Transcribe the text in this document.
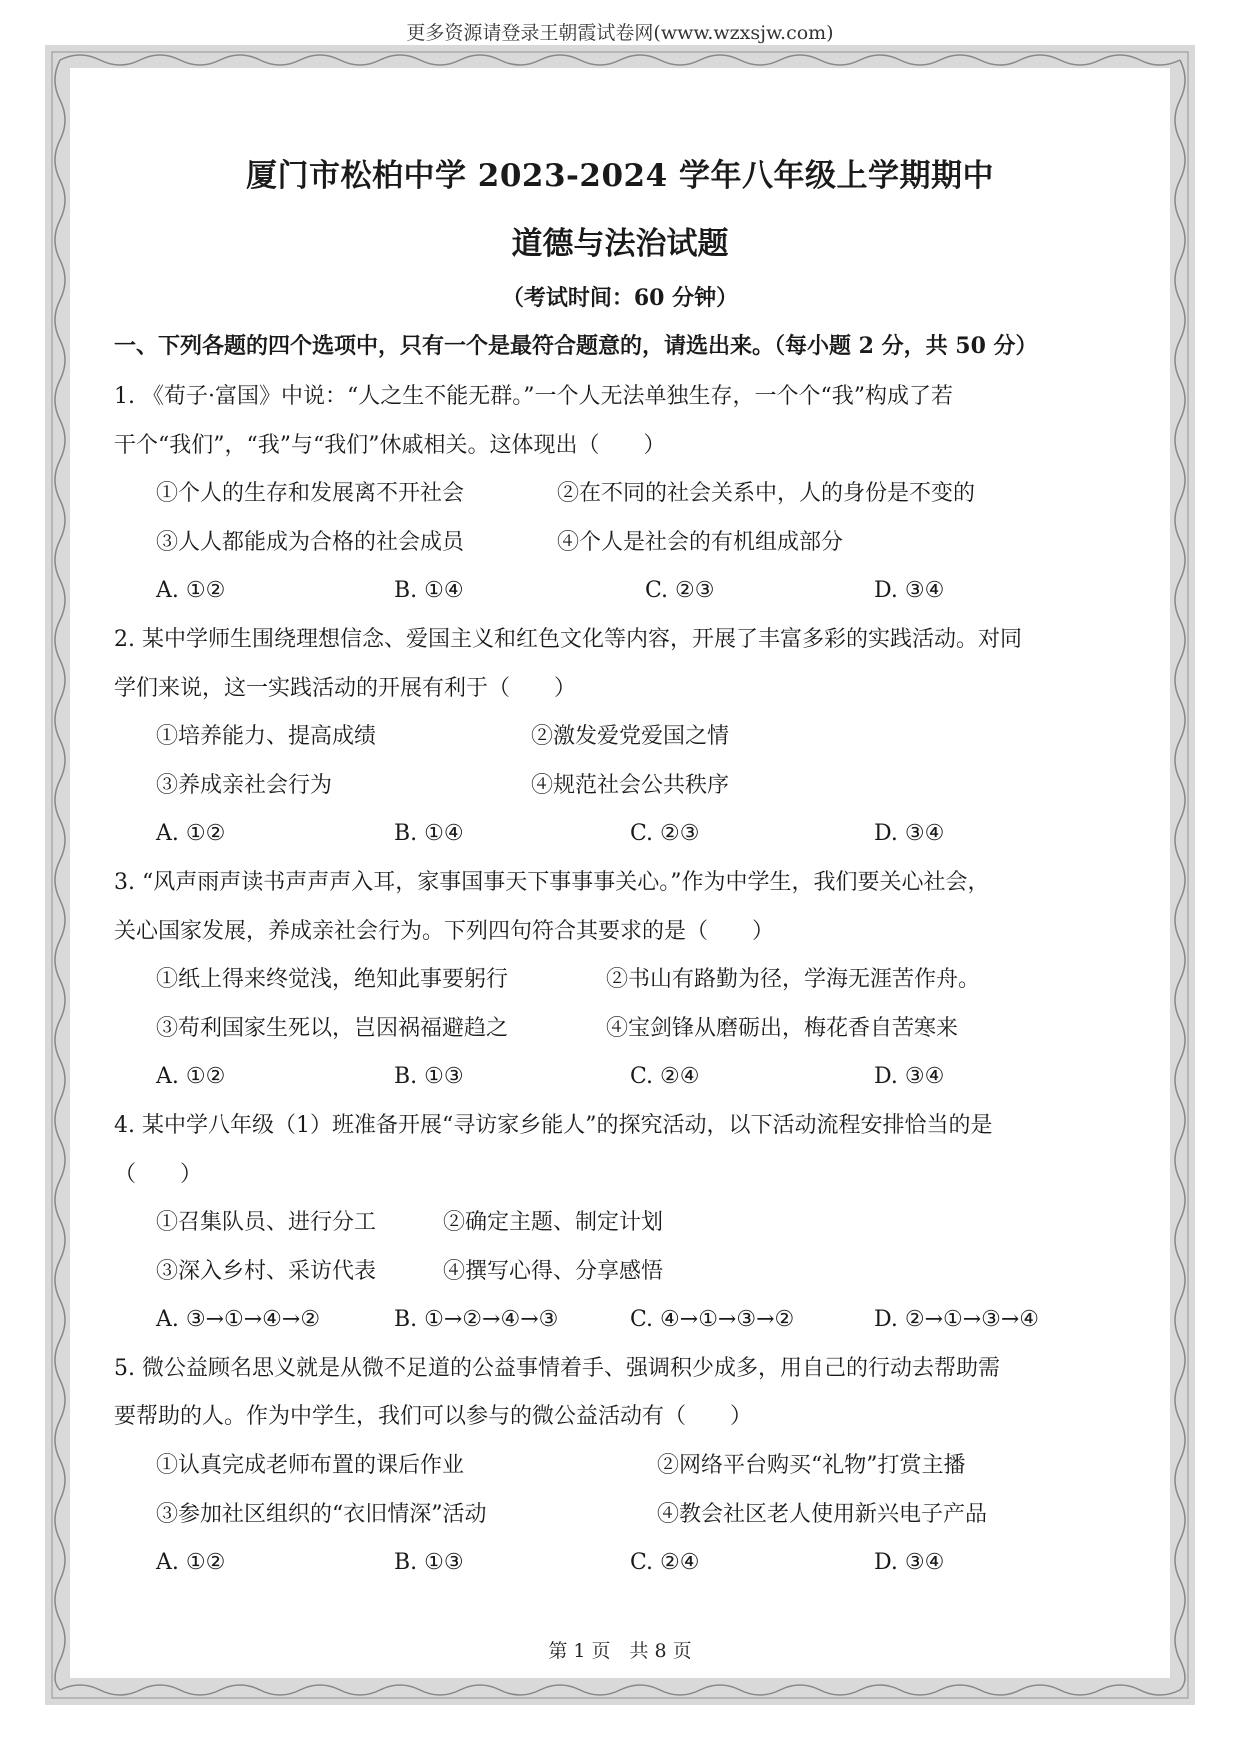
更多资源请登录王朝霞试卷网(www.wzxsjw.com)
厦门市松柏中学 2023-2024 学年八年级上学期期中
道德与法治试题
（考试时间：60 分钟）
一、下列各题的四个选项中，只有一个是最符合题意的，请选出来。（每小题 2 分，共 50 分）
1. 《荀子·富国》中说：“人之生不能无群。”一个人无法单独生存，一个个“我”构成了若
干个“我们”，“我”与“我们”休戚相关。这体现出（　　）
①个人的生存和发展离不开社会	②在不同的社会关系中，人的身份是不变的
③人人都能成为合格的社会成员	④个人是社会的有机组成部分
A. ①②	B. ①④	C. ②③	D. ③④
2. 某中学师生围绕理想信念、爱国主义和红色文化等内容，开展了丰富多彩的实践活动。对同
学们来说，这一实践活动的开展有利于（　　）
①培养能力、提高成绩	②激发爱党爱国之情
③养成亲社会行为	④规范社会公共秩序
A. ①②	B. ①④	C. ②③	D. ③④
3. “风声雨声读书声声声入耳，家事国事天下事事事关心。”作为中学生，我们要关心社会，
关心国家发展，养成亲社会行为。下列四句符合其要求的是（　　）
①纸上得来终觉浅，绝知此事要躬行	②书山有路勤为径，学海无涯苦作舟。
③苟利国家生死以，岂因祸福避趋之	④宝剑锋从磨砺出，梅花香自苦寒来
A. ①②	B. ①③	C. ②④	D. ③④
4. 某中学八年级（1）班准备开展“寻访家乡能人”的探究活动，以下活动流程安排恰当的是
（　　）
①召集队员、进行分工	②确定主题、制定计划
③深入乡村、采访代表	④撰写心得、分享感悟
A. ③→①→④→②	B. ①→②→④→③	C. ④→①→③→②	D. ②→①→③→④
5. 微公益顾名思义就是从微不足道的公益事情着手、强调积少成多，用自己的行动去帮助需
要帮助的人。作为中学生，我们可以参与的微公益活动有（　　）
①认真完成老师布置的课后作业	②网络平台购买“礼物”打赏主播
③参加社区组织的“衣旧情深”活动	④教会社区老人使用新兴电子产品
A. ①②	B. ①③	C. ②④	D. ③④
第 1 页　共 8 页
